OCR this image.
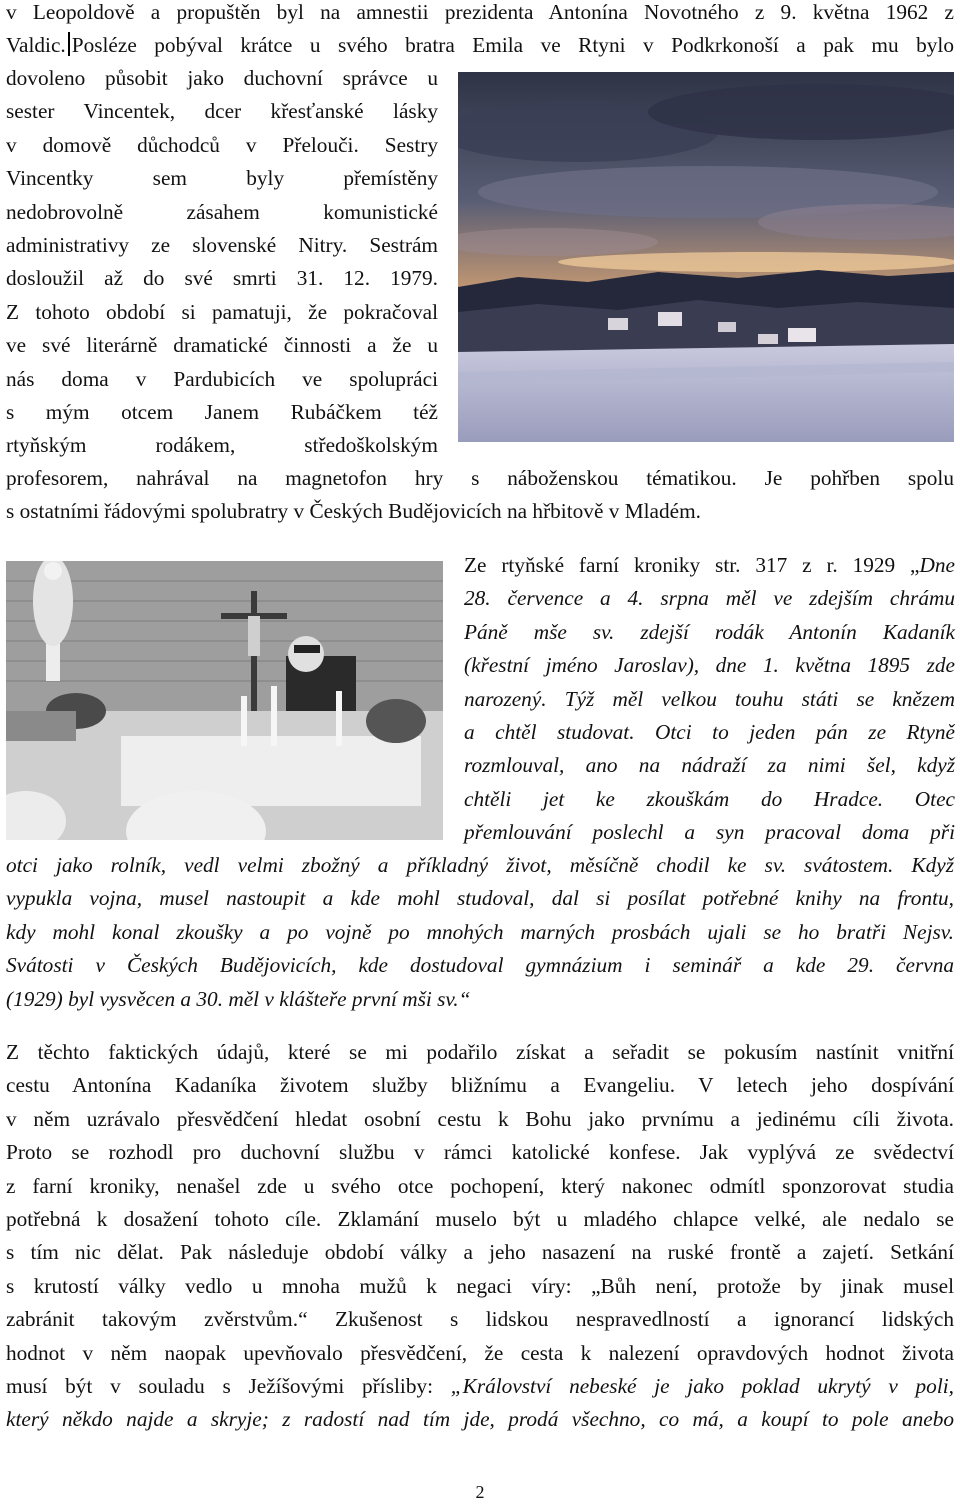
v Leopoldově a propuštěn byl na amnestii prezidenta Antonína Novotného z 9. května 1962 z
Valdic. Posléze pobýval krátce u svého bratra Emila ve Rtyni v Podkrkonoší a pak mu bylo
dovoleno působit jako duchovní správce u
sester Vincentek, dcer křesťanské lásky
v domově důchodců v Přelouči. Sestry
Vincentky sem byly přemístěny
nedobrovolně zásahem komunistické
administrativy ze slovenské Nitry. Sestrám
dosloužil až do své smrti 31. 12. 1979.
Z tohoto období si pamatuji, že pokračoval
ve své literárně dramatické činnosti a že u
nás doma v Pardubicích ve spolupráci
s mým otcem Janem Rubáčkem též
rtyňským rodákem, středoškolským
profesorem, nahrával na magnetofon hry s náboženskou tématikou. Je pohřben spolu
s ostatními řádovými spolubratry v Českých Budějovicích na hřbitově v Mladém.
Ze rtyňské farní kroniky str. 317 z r. 1929 „Dne
28. července a 4. srpna měl ve zdejším chrámu
Páně mše sv. zdejší rodák Antonín Kadaník
(křestní jméno Jaroslav), dne 1. května 1895 zde
narozený. Týž měl velkou touhu státi se knězem
a chtěl studovat. Otci to jeden pán ze Rtyně
rozmlouval, ano na nádraží za nimi šel, když
chtěli jet ke zkouškám do Hradce. Otec
přemlouvání poslechl a syn pracoval doma při
otci jako rolník, vedl velmi zbožný a příkladný život, měsíčně chodil ke sv. svátostem. Když
vypukla vojna, musel nastoupit a kde mohl studoval, dal si posílat potřebné knihy na frontu,
kdy mohl konal zkoušky a po vojně po mnohých marných prosbách ujali se ho bratři Nejsv.
Svátosti v Českých Budějovicích, kde dostudoval gymnázium i seminář a kde 29. června
(1929) byl vysvěcen a 30. měl v klášteře první mši sv.“
Z těchto faktických údajů, které se mi podařilo získat a seřadit se pokusím nastínit vnitřní
cestu Antonína Kadaníka životem služby bližnímu a Evangeliu. V letech jeho dospívání
v něm uzrávalo přesvědčení hledat osobní cestu k Bohu jako prvnímu a jedinému cíli života.
Proto se rozhodl pro duchovní službu v rámci katolické konfese. Jak vyplývá ze svědectví
z farní kroniky, nenašel zde u svého otce pochopení, který nakonec odmítl sponzorovat studia
potřebná k dosažení tohoto cíle. Zklamání muselo být u mladého chlapce velké, ale nedalo se
s tím nic dělat. Pak následuje období války a jeho nasazení na ruské frontě a zajetí. Setkání
s krutostí války vedlo u mnoha mužů k negaci víry: „Bůh není, protože by jinak musel
zabránit takovým zvěrstvům.“ Zkušenost s lidskou nespravedlností a ignorancí lidských
hodnot v něm naopak upevňovalo přesvědčení, že cesta k nalezení opravdových hodnot života
musí být v souladu s Ježíšovými přísliby: „Království nebeské je jako poklad ukrytý v poli,
který někdo najde a skryje; z radostí nad tím jde, prodá všechno, co má, a koupí to pole anebo
2
